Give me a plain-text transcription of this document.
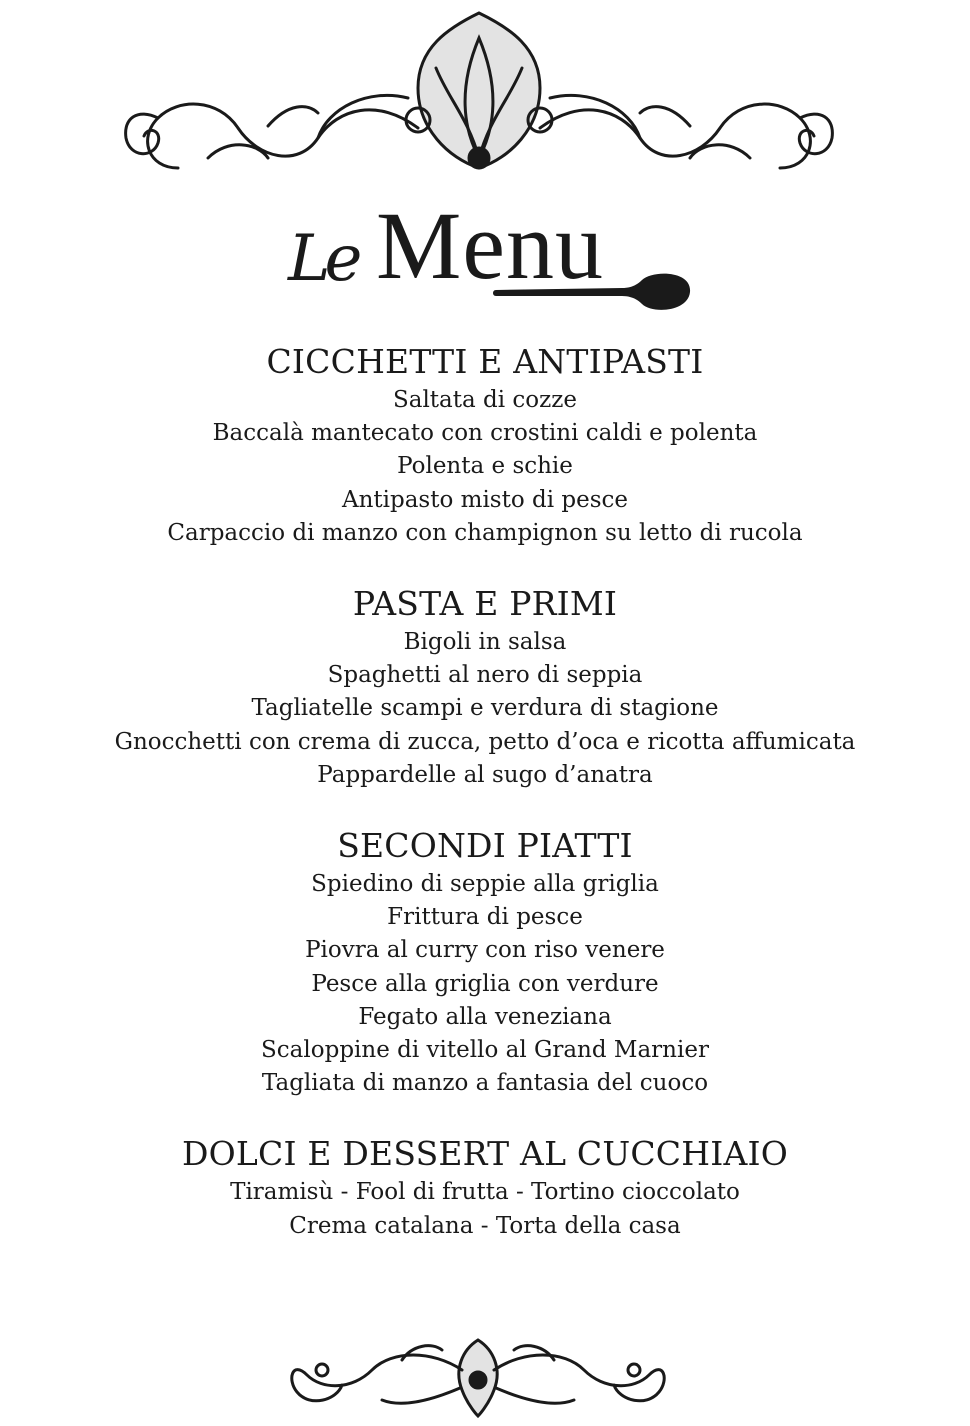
Le Menu
CICCHETTI E ANTIPASTI

Saltata di cozze

Baccalà mantecato con crostini caldi e polenta

Polenta e schie

Antipasto misto di pesce

Carpaccio di manzo con champignon su letto di rucola

PASTA E PRIMI

Bigoli in salsa

Spaghetti al nero di seppia

Tagliatelle scampi e verdura di stagione

Gnocchetti con crema di zucca, petto d’oca e ricotta affumicata

Pappardelle al sugo d’anatra

SECONDI PIATTI

Spiedino di seppie alla griglia

Frittura di pesce

Piovra al curry con riso venere

Pesce alla griglia con verdure

Fegato alla veneziana

Scaloppine di vitello al Grand Marnier

Tagliata di manzo a fantasia del cuoco

DOLCI E DESSERT AL CUCCHIAIO

Tiramisù - Fool di frutta - Tortino cioccolato

Crema catalana - Torta della casa
